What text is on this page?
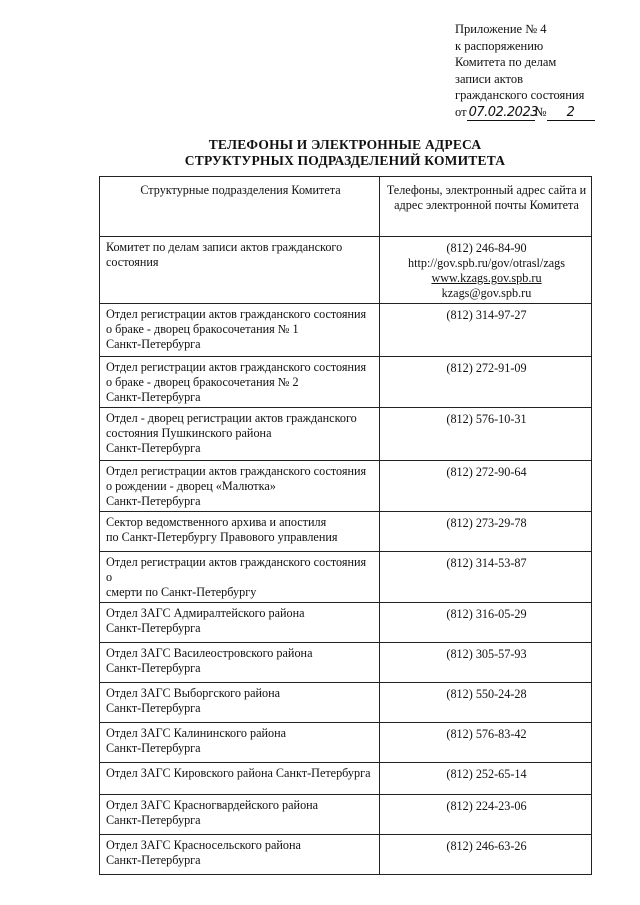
Приложение № 4
к распоряжению
Комитета по делам
записи актов
гражданского состояния
от 07.02.2023
№	2
ТЕЛЕФОНЫ И ЭЛЕКТРОННЫЕ АДРЕСА
СТРУКТУРНЫХ ПОДРАЗДЕЛЕНИЙ КОМИТЕТА
Структурные подразделения Комитета	Телефоны, электронный адрес сайта и адрес электронной почты Комитета

Комитет по делам записи актов гражданского
состояния	(812) 246-84-90
http://gov.spb.ru/gov/otrasl/zags
www.kzags.gov.spb.ru
kzags@gov.spb.ru

Отдел регистрации актов гражданского состояния
о браке - дворец бракосочетания № 1
Санкт-Петербурга	(812) 314-97-27

Отдел регистрации актов гражданского состояния
о браке - дворец бракосочетания № 2
Санкт-Петербурга	(812) 272-91-09

Отдел - дворец регистрации актов гражданского
состояния Пушкинского района
Санкт-Петербурга	(812) 576-10-31

Отдел регистрации актов гражданского состояния
о рождении - дворец «Малютка»
Санкт-Петербурга	(812) 272-90-64

Сектор ведомственного архива и апостиля
по Санкт-Петербургу Правового управления	(812) 273-29-78

Отдел регистрации актов гражданского состояния о
смерти по Санкт-Петербургу	(812) 314-53-87

Отдел ЗАГС Адмиралтейского района
Санкт-Петербурга	(812) 316-05-29

Отдел ЗАГС Василеостровского района
Санкт-Петербурга	(812) 305-57-93

Отдел ЗАГС Выборгского района
Санкт-Петербурга	(812) 550-24-28

Отдел ЗАГС Калининского района
Санкт-Петербурга	(812) 576-83-42

Отдел ЗАГС Кировского района Санкт-Петербурга	(812) 252-65-14

Отдел ЗАГС Красногвардейского района
Санкт-Петербурга	(812) 224-23-06

Отдел ЗАГС Красносельского района
Санкт-Петербурга	(812) 246-63-26
